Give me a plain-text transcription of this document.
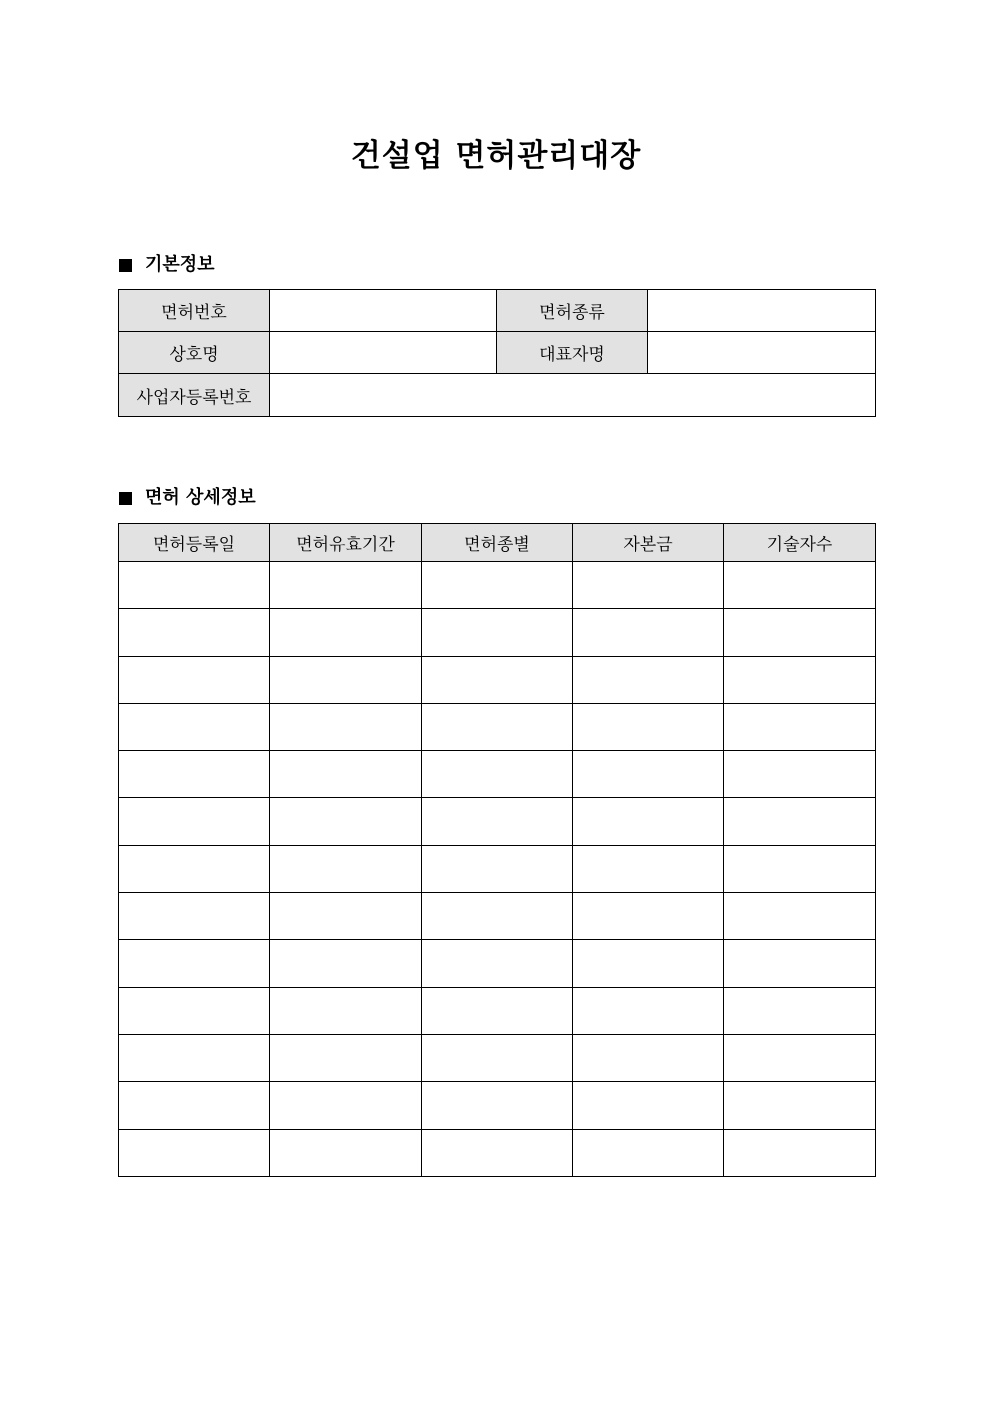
건설업 면허관리대장
기본정보
면허번호		면허종류	
상호명		대표자명	
사업자등록번호			
면허 상세정보
면허등록일	면허유효기간	면허종별	자본금	기술자수
